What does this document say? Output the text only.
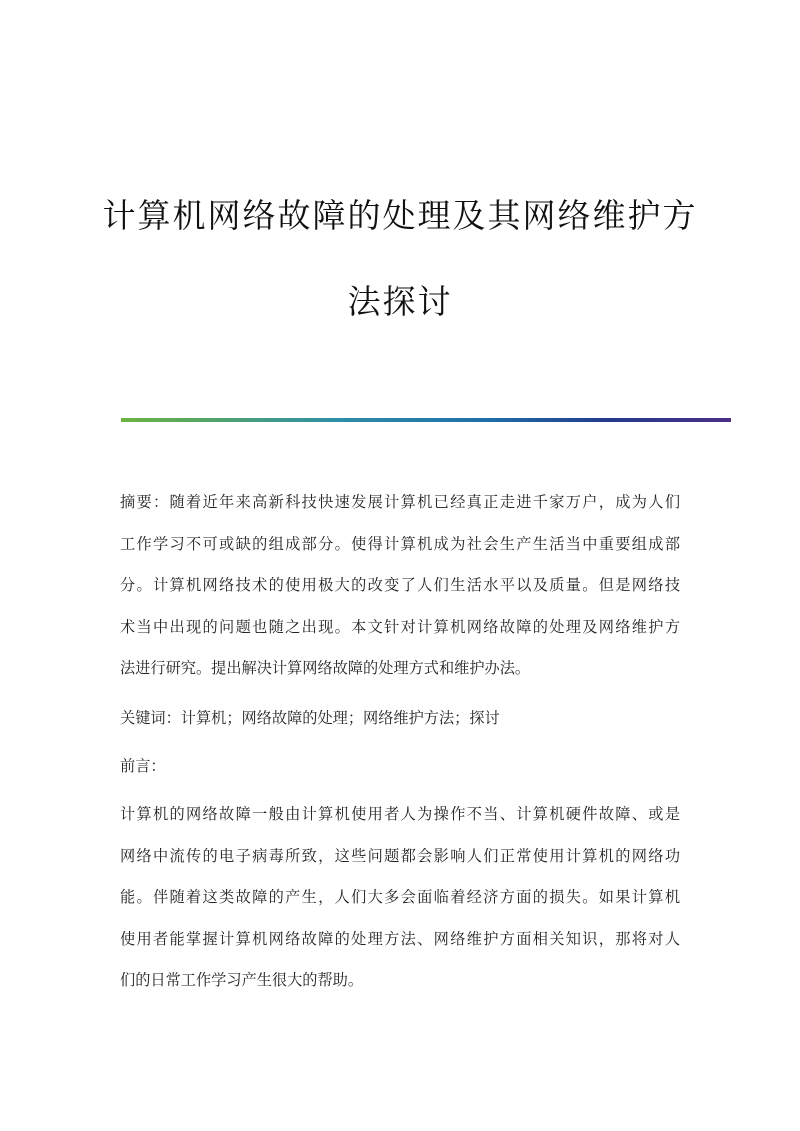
计算机网络故障的处理及其网络维护方
法探讨
摘要：随着近年来高新科技快速发展计算机已经真正走进千家万户，成为人们
工作学习不可或缺的组成部分。使得计算机成为社会生产生活当中重要组成部
分。计算机网络技术的使用极大的改变了人们生活水平以及质量。但是网络技
术当中出现的问题也随之出现。本文针对计算机网络故障的处理及网络维护方
法进行研究。提出解决计算网络故障的处理方式和维护办法。
关键词：计算机；网络故障的处理；网络维护方法；探讨
前言：
计算机的网络故障一般由计算机使用者人为操作不当、计算机硬件故障、或是
网络中流传的电子病毒所致，这些问题都会影响人们正常使用计算机的网络功
能。伴随着这类故障的产生，人们大多会面临着经济方面的损失。如果计算机
使用者能掌握计算机网络故障的处理方法、网络维护方面相关知识，那将对人
们的日常工作学习产生很大的帮助。
